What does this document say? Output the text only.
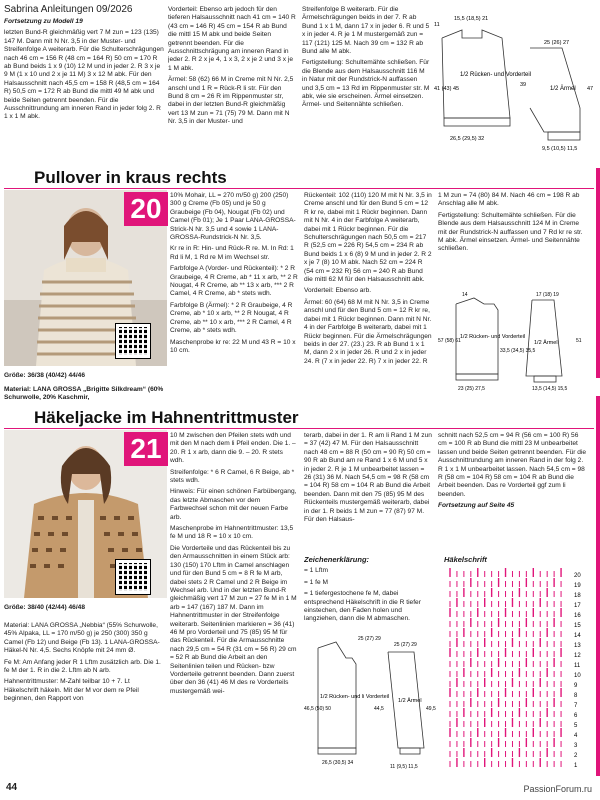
Sabrina Anleitungen 09/2026

Fortsetzung zu Modell 19

letzten Bund-R gleichmäßig vert 7 M zun = 123 (135) 147 M. Dann mit N Nr. 3,5 in der Muster- und Streifenfolge A weiterarb. Für die Schulterschrägungen nach 46 cm = 156 R (48 cm = 164 R) 50 cm = 170 R ab Bund beids 1 x 9 (10) 12 M und in jeder 2. R 3 x je 9 M (1 x 10 und 2 x je 11 M) 3 x 12 M abk. Für den Halsausschnitt nach 45,5 cm = 158 R (48,5 cm = 164 R) 50,5 cm = 172 R ab Bund die mittl 49 M abk und beide Seiten getrennt beenden. Für die Ausschnittrundung am inneren Rand in jeder folg 2. R 1 x 1 M abk.

Vorderteil: Ebenso arb jedoch für den tieferen Halsausschnitt nach 41 cm = 140 R (43 cm = 146 R) 45 cm = 154 R ab Bund die mittl 15 M abk und beide Seiten getrennt beenden. Für die Ausschnittschrägung am inneren Rand in jeder 2. R 2 x je 4, 1 x 3, 2 x je 2 und 3 x je 1 M abk.

Ärmel: 58 (62) 66 M in Creme mit N Nr. 2,5 anschl und 1 R = Rück-R li str. Für den Bund 8 cm = 26 R im Rippenmuster str, dabei in der letzten Bund-R gleichmäßig vert 13 M zun = 71 (75) 79 M. Dann mit N Nr. 3,5 in der Muster- und

Streifenfolge B weiterarb. Für die Ärmelschrägungen beids in der 7. R ab Bund 1 x 1 M, dann 17 x in jeder 6. R und 5 x in jeder 4. R je 1 M mustergemäß zun = 117 (121) 125 M. Nach 39 cm = 132 R ab Bund alle M abk.

Fertigstellung: Schultemähte schließen. Für die Blende aus dem Halsausschnitt 116 M in Natur mit der Rundstrick-N auffassen und 3,5 cm = 13 Rd im Rippenmuster str. M abk, wie sie erscheinen. Ärmel einsetzen. Ärmel- und Seitennähte schließen.

15,5 (18,5) 21
11
41 (43) 45
1/2 Rücken- und Vorderteil
26,5 (29,5) 32
25 (26) 27
1/2 Ärmel
39
47
9,5 (10,5) 11,5
Pullover in kraus rechts
20
Größe: 36/38 (40/42) 44/46

Material: LANA GROSSA „Brigitte Silkdream“ (60% Schurwolle, 20% Kaschmir,

10% Mohair, LL = 270 m/50 g) 200 (250) 300 g Creme (Fb 05) und je 50 g Graubeige (Fb 04), Nougat (Fb 02) und Camel (Fb 01); Je 1 Paar LANA-GROSSA-Strick-N Nr. 3,5 und 4 sowie 1 LANA-GROSSA-Rundstrick-N Nr. 3,5.

Kr re in R: Hin- und Rück-R re. M. In Rd: 1 Rd li M, 1 Rd re M im Wechsel str.

Farbfolge A (Vorder- und Rückenteil): * 2 R Graubeige, 4 R Creme, ab * 11 x arb, ** 2 R Nougat, 4 R Creme, ab ** 13 x arb, *** 2 R Camel, 4 R Creme, ab * stets wdh.

Farbfolge B (Ärmel): * 2 R Graubeige, 4 R Creme, ab * 10 x arb, ** 2 R Nougat, 4 R Creme, ab ** 10 x arb, *** 2 R Camel, 4 R Creme, ab * stets wdh.

Maschenprobe kr re: 22 M und 43 R = 10 x 10 cm.

Rückenteil: 102 (110) 120 M mit N Nr. 3,5 in Creme anschl und für den Bund 5 cm = 12 R kr re, dabei mit 1 Rückr beginnen. Dann mit N Nr. 4 in der Farbfolge A weiterarb, dabei mit 1 Rückr beginnen. Für die Schulterschrägungen nach 50,5 cm = 217 R (52,5 cm = 226 R) 54,5 cm = 234 R ab Bund beids 1 x 6 (8) 9 M und in jeder 2. R 2 x je 7 (8) 10 M abk. Nach 52 cm = 224 R (54 cm = 232 R) 56 cm = 240 R ab Bund die mittl 62 M für den Halsausschnitt abk.

Vorderteil: Ebenso arb.

Ärmel: 60 (64) 68 M mit N Nr. 3,5 in Creme anschl und für den Bund 5 cm = 12 R kr re, dabei mit 1 Rückr beginnen. Dann mit N Nr. 4 in der Farbfolge B weiterarb, dabei mit 1 Rückr beginnen. Für die Ärmelschrägungen beids in der 27. (23.) 23. R ab Bund 1 x 1 M, dann 2 x in jeder 26. R und 2 x in jeder 24. R (7 x in jeder 22. R) 7 x in jeder 22. R

1 M zun = 74 (80) 84 M. Nach 46 cm = 198 R ab Anschlag alle M abk.

Fertigstellung: Schultemähte schließen. Für die Blende aus dem Halsausschnitt 124 M in Creme mit der Rundstrick-N auffassen und 7 Rd kr re str. M abk. Ärmel einsetzen. Ärmel- und Seitennähte schließen.

14
1/2 Rücken- und Vorderteil
57 (58) 61
33,5 (34,5) 35,5
23 (25) 27,5
1/2 Ärmel
17 (18) 19
51
13,5 (14,5) 15,5
Häkeljacke im Hahnentrittmuster
21
Größe: 38/40 (42/44) 46/48

Material: LANA GROSSA „Nebbia“ (55% Schurwolle, 45% Alpaka, LL = 170 m/50 g) je 250 (300) 350 g Camel (Fb 12) und Beige (Fb 13). 1 LANA-GROSSA-Häkel-N Nr. 4,5. Sechs Knöpfe mit 24 mm Ø.

Fe M: Am Anfang jeder R 1 Lftm zusätzlich arb. Die 1. fe M der 1. R in die 2. Lftm ab N arb.

Hahnentrittmuster: M-Zahl teilbar 10 + 7. Lt Häkelschrift häkeln. Mit der M vor dem re Pfeil beginnen, den Rapport von

10 M zwischen den Pfeilen stets wdh und mit den M nach dem li Pfeil enden. Die 1. – 20. R 1 x arb, dann die 9. – 20. R stets wdh.

Streifenfolge: * 6 R Camel, 6 R Beige, ab * stets wdh.

Hinweis: Für einen schönen Farbübergang, das letzte Abmaschen vor dem Farbwechsel schon mit der neuen Farbe arb.

Maschenprobe im Hahnentrittmuster: 13,5 fe M und 18 R = 10 x 10 cm.

Die Vorderteile und das Rückenteil bis zu den Armausschnitten in einem Stück arb: 130 (150) 170 Lftm in Camel anschlagen und für den Bund 5 cm = 8 R fe M arb, dabei stets 2 R Camel und 2 R Beige im Wechsel arb. Und in der letzten Bund-R gleichmäßig vert 17 M zun = 27 fe M in 1 M arb = 147 (167) 187 M. Dann im Hahnentrittmuster in der Streifenfolge weiterarb. Seitenlinien markieren = 36 (41) 46 M pro Vorderteil und 75 (85) 95 M für das Rückenteil. Für die Armausschnitte nach 29,5 cm = 54 R (31 cm = 56 R) 29 cm = 52 R ab Bund die Arbeit an den Seitenlinien teilen und Rücken- bzw Vorderteile getrennt beenden. Dann zuerst über den 36 (41) 46 M des re Vorderteils mustergemäß wei-

terarb, dabei in der 1. R am li Rand 1 M zun = 37 (42) 47 M. Für den Halsausschnitt nach 48 cm = 88 R (50 cm = 90 R) 50 cm = 90 R ab Bund am re Rand 1 x 6 M und 5 x in jeder 2. R je 1 M unbearbeitet lassen = 26 (31) 36 M. Nach 54,5 cm = 98 R (58 cm = 104 R) 58 cm = 104 R ab Bund die Arbeit beenden. Dann mit den 75 (85) 95 M des Rückenteils mustergemäß weiterarb, dabei in der 1. R beids 1 M zun = 77 (87) 97 M. Für den Halsaus-

schnitt nach 52,5 cm = 94 R (56 cm = 100 R) 56 cm = 100 R ab Bund die mittl 23 M unbearbeitet lassen und beide Seiten getrennt beenden. Für die Ausschnittrundung am inneren Rand in der folg 2. R 1 x 1 M unbearbeitet lassen. Nach 54,5 cm = 98 R (58 cm = 104 R) 58 cm = 104 R ab Bund die Arbeit beenden. Das re Vorderteil ggf zum li beenden.

Fortsetzung auf Seite 45

Zeichenerklärung:

= 1 Lftm

= 1 fe M

= 1 tiefergestochene fe M, dabei entsprechend Häkelschrift in die R tiefer einstechen, den Faden holen und langziehen, dann die M abmaschen.

1/2 Rücken- und li Vorderteil
46,5 (50) 50
26,5 (30,5) 34
25 (27) 29
25 (27) 29
1/2 Ärmel
44,5	49,5
11 (9,5) 11,5

Häkelschrift

20
19
18
17
16
15
14
13
12
11
10
9
8
7
6
5
4
3
2
1
44	PassionForum.ru
